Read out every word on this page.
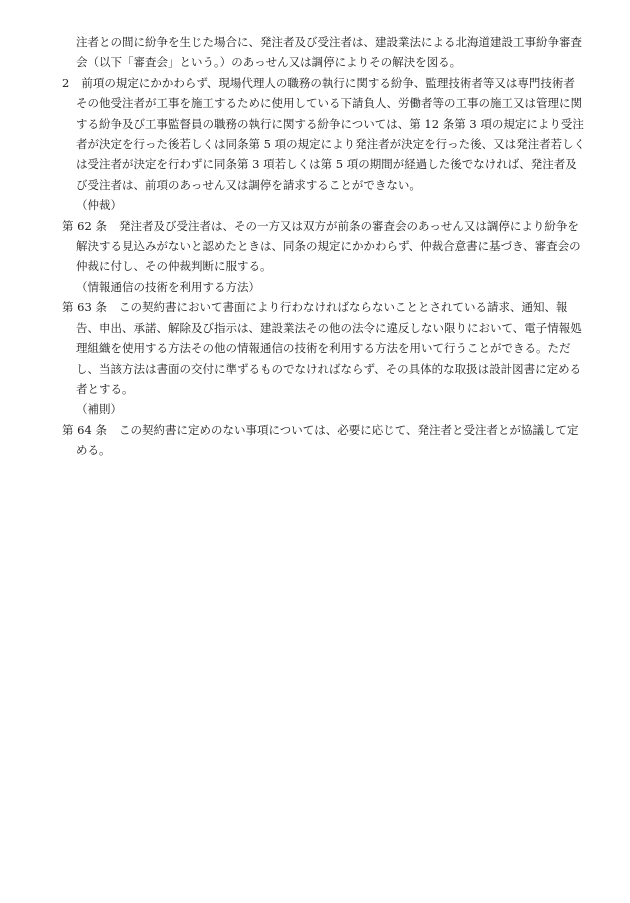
注者との間に紛争を生じた場合に、発注者及び受注者は、建設業法による北海道建設工事紛争審査会（以下「審査会」という。）のあっせん又は調停によりその解決を図る。

2 前項の規定にかかわらず、現場代理人の職務の執行に関する紛争、監理技術者等又は専門技術者その他受注者が工事を施工するために使用している下請負人、労働者等の工事の施工又は管理に関する紛争及び工事監督員の職務の執行に関する紛争については、第 12 条第 3 項の規定により受注者が決定を行った後若しくは同条第 5 項の規定により発注者が決定を行った後、又は発注者若しくは受注者が決定を行わずに同条第 3 項若しくは第 5 項の期間が経過した後でなければ、発注者及び受注者は、前項のあっせん又は調停を請求することができない。

（仲裁）

第 62 条 発注者及び受注者は、その一方又は双方が前条の審査会のあっせん又は調停により紛争を解決する見込みがないと認めたときは、同条の規定にかかわらず、仲裁合意書に基づき、審査会の仲裁に付し、その仲裁判断に服する。

（情報通信の技術を利用する方法）

第 63 条 この契約書において書面により行わなければならないこととされている請求、通知、報告、申出、承諾、解除及び指示は、建設業法その他の法令に違反しない限りにおいて、電子情報処理組織を使用する方法その他の情報通信の技術を利用する方法を用いて行うことができる。ただし、当該方法は書面の交付に準ずるものでなければならず、その具体的な取扱は設計図書に定める者とする。

（補則）

第 64 条 この契約書に定めのない事項については、必要に応じて、発注者と受注者とが協議して定める。
